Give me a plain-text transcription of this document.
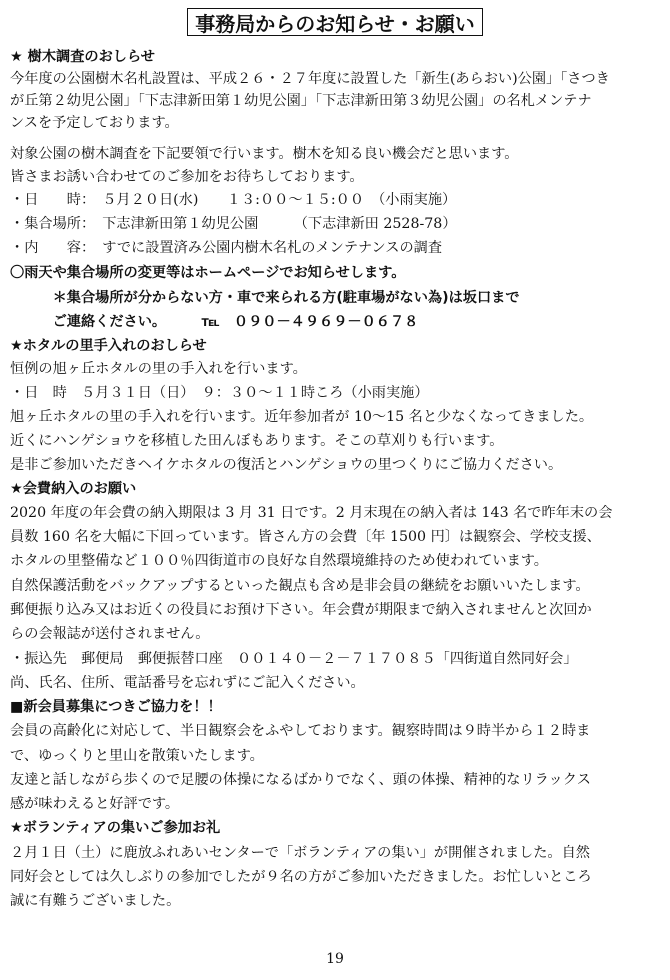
事務局からのお知らせ・お願い
★ 樹木調査のおしらせ
今年度の公園樹木名札設置は、平成２６・２７年度に設置した「新生(あらおい)公園」「さつき
が丘第２幼児公園」「下志津新田第１幼児公園」「下志津新田第３幼児公園」の名札メンテナ
ンスを予定しております。
対象公園の樹木調査を下記要領で行います。樹木を知る良い機会だと思います。
皆さまお誘い合わせてのご参加をお待ちしております。
・日　　時：　５月２０日(水)　　１３:００～１５:００　（小雨実施）
・集合場所：　下志津新田第１幼児公園　　　（下志津新田 2528-78）
・内　　容：　すでに設置済み公園内樹木名札のメンテナンスの調査
〇雨天や集合場所の変更等はホームページでお知らせします。
　　　＊集合場所が分からない方・車で来られる方(駐車場がない為)は坂口まで
　　　ご連絡ください。　　　℡　０９０－４９６９－０６７８
★ホタルの里手入れのおしらせ
恒例の旭ヶ丘ホタルの里の手入れを行います。
・日　時　５月３１日（日）　９：３０～１１時ころ（小雨実施）
旭ヶ丘ホタルの里の手入れを行います。近年参加者が 10～15 名と少なくなってきました。
近くにハンゲショウを移植した田んぼもあります。そこの草刈りも行います。
是非ご参加いただきヘイケホタルの復活とハンゲショウの里つくりにご協力ください。
★会費納入のお願い
2020 年度の年会費の納入期限は 3 月 31 日です。2 月末現在の納入者は 143 名で昨年末の会
員数 160 名を大幅に下回っています。皆さん方の会費〔年 1500 円〕は観察会、学校支援、
ホタルの里整備など１００％四街道市の良好な自然環境維持のため使われています。
自然保護活動をバックアップするといった観点も含め是非会員の継続をお願いいたします。
郵便振り込み又はお近くの役員にお預け下さい。年会費が期限まで納入されませんと次回か
らの会報誌が送付されません。
・振込先　郵便局　郵便振替口座　００１４０－２－７１７０８５「四街道自然同好会」
尚、氏名、住所、電話番号を忘れずにご記入ください。
■新会員募集につきご協力を！！
会員の高齢化に対応して、半日観察会をふやしております。観察時間は９時半から１２時ま
で、ゆっくりと里山を散策いたします。
友達と話しながら歩くので足腰の体操になるばかりでなく、頭の体操、精神的なリラックス
感が味わえると好評です。
★ボランティアの集いご参加お礼
２月１日（土）に鹿放ふれあいセンターで「ボランティアの集い」が開催されました。自然
同好会としては久しぶりの参加でしたが９名の方がご参加いただきました。お忙しいところ
誠に有難うございました。
19
